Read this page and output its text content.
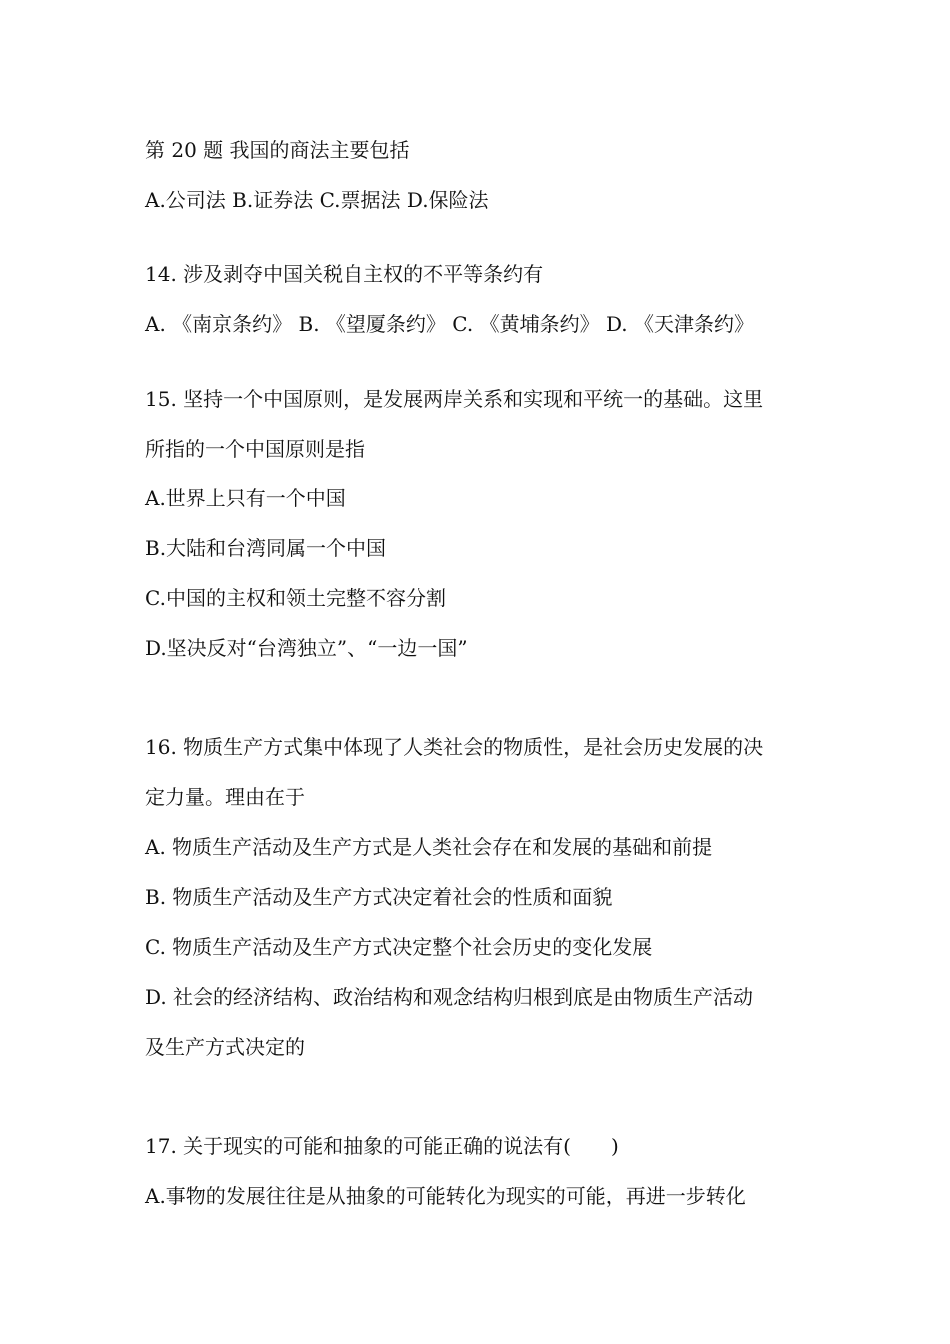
第 20 题 我国的商法主要包括
A.公司法 B.证券法 C.票据法 D.保险法
14. 涉及剥夺中国关税自主权的不平等条约有
A. 《南京条约》 B. 《望厦条约》 C. 《黄埔条约》 D. 《天津条约》
15. 坚持一个中国原则，是发展两岸关系和实现和平统一的基础。这里
所指的一个中国原则是指
A.世界上只有一个中国
B.大陆和台湾同属一个中国
C.中国的主权和领土完整不容分割
D.坚决反对“台湾独立”、“一边一国”
16. 物质生产方式集中体现了人类社会的物质性，是社会历史发展的决
定力量。理由在于
A. 物质生产活动及生产方式是人类社会存在和发展的基础和前提
B. 物质生产活动及生产方式决定着社会的性质和面貌
C. 物质生产活动及生产方式决定整个社会历史的变化发展
D. 社会的经济结构、政治结构和观念结构归根到底是由物质生产活动
及生产方式决定的
17. 关于现实的可能和抽象的可能正确的说法有(　　)
A.事物的发展往往是从抽象的可能转化为现实的可能，再进一步转化
